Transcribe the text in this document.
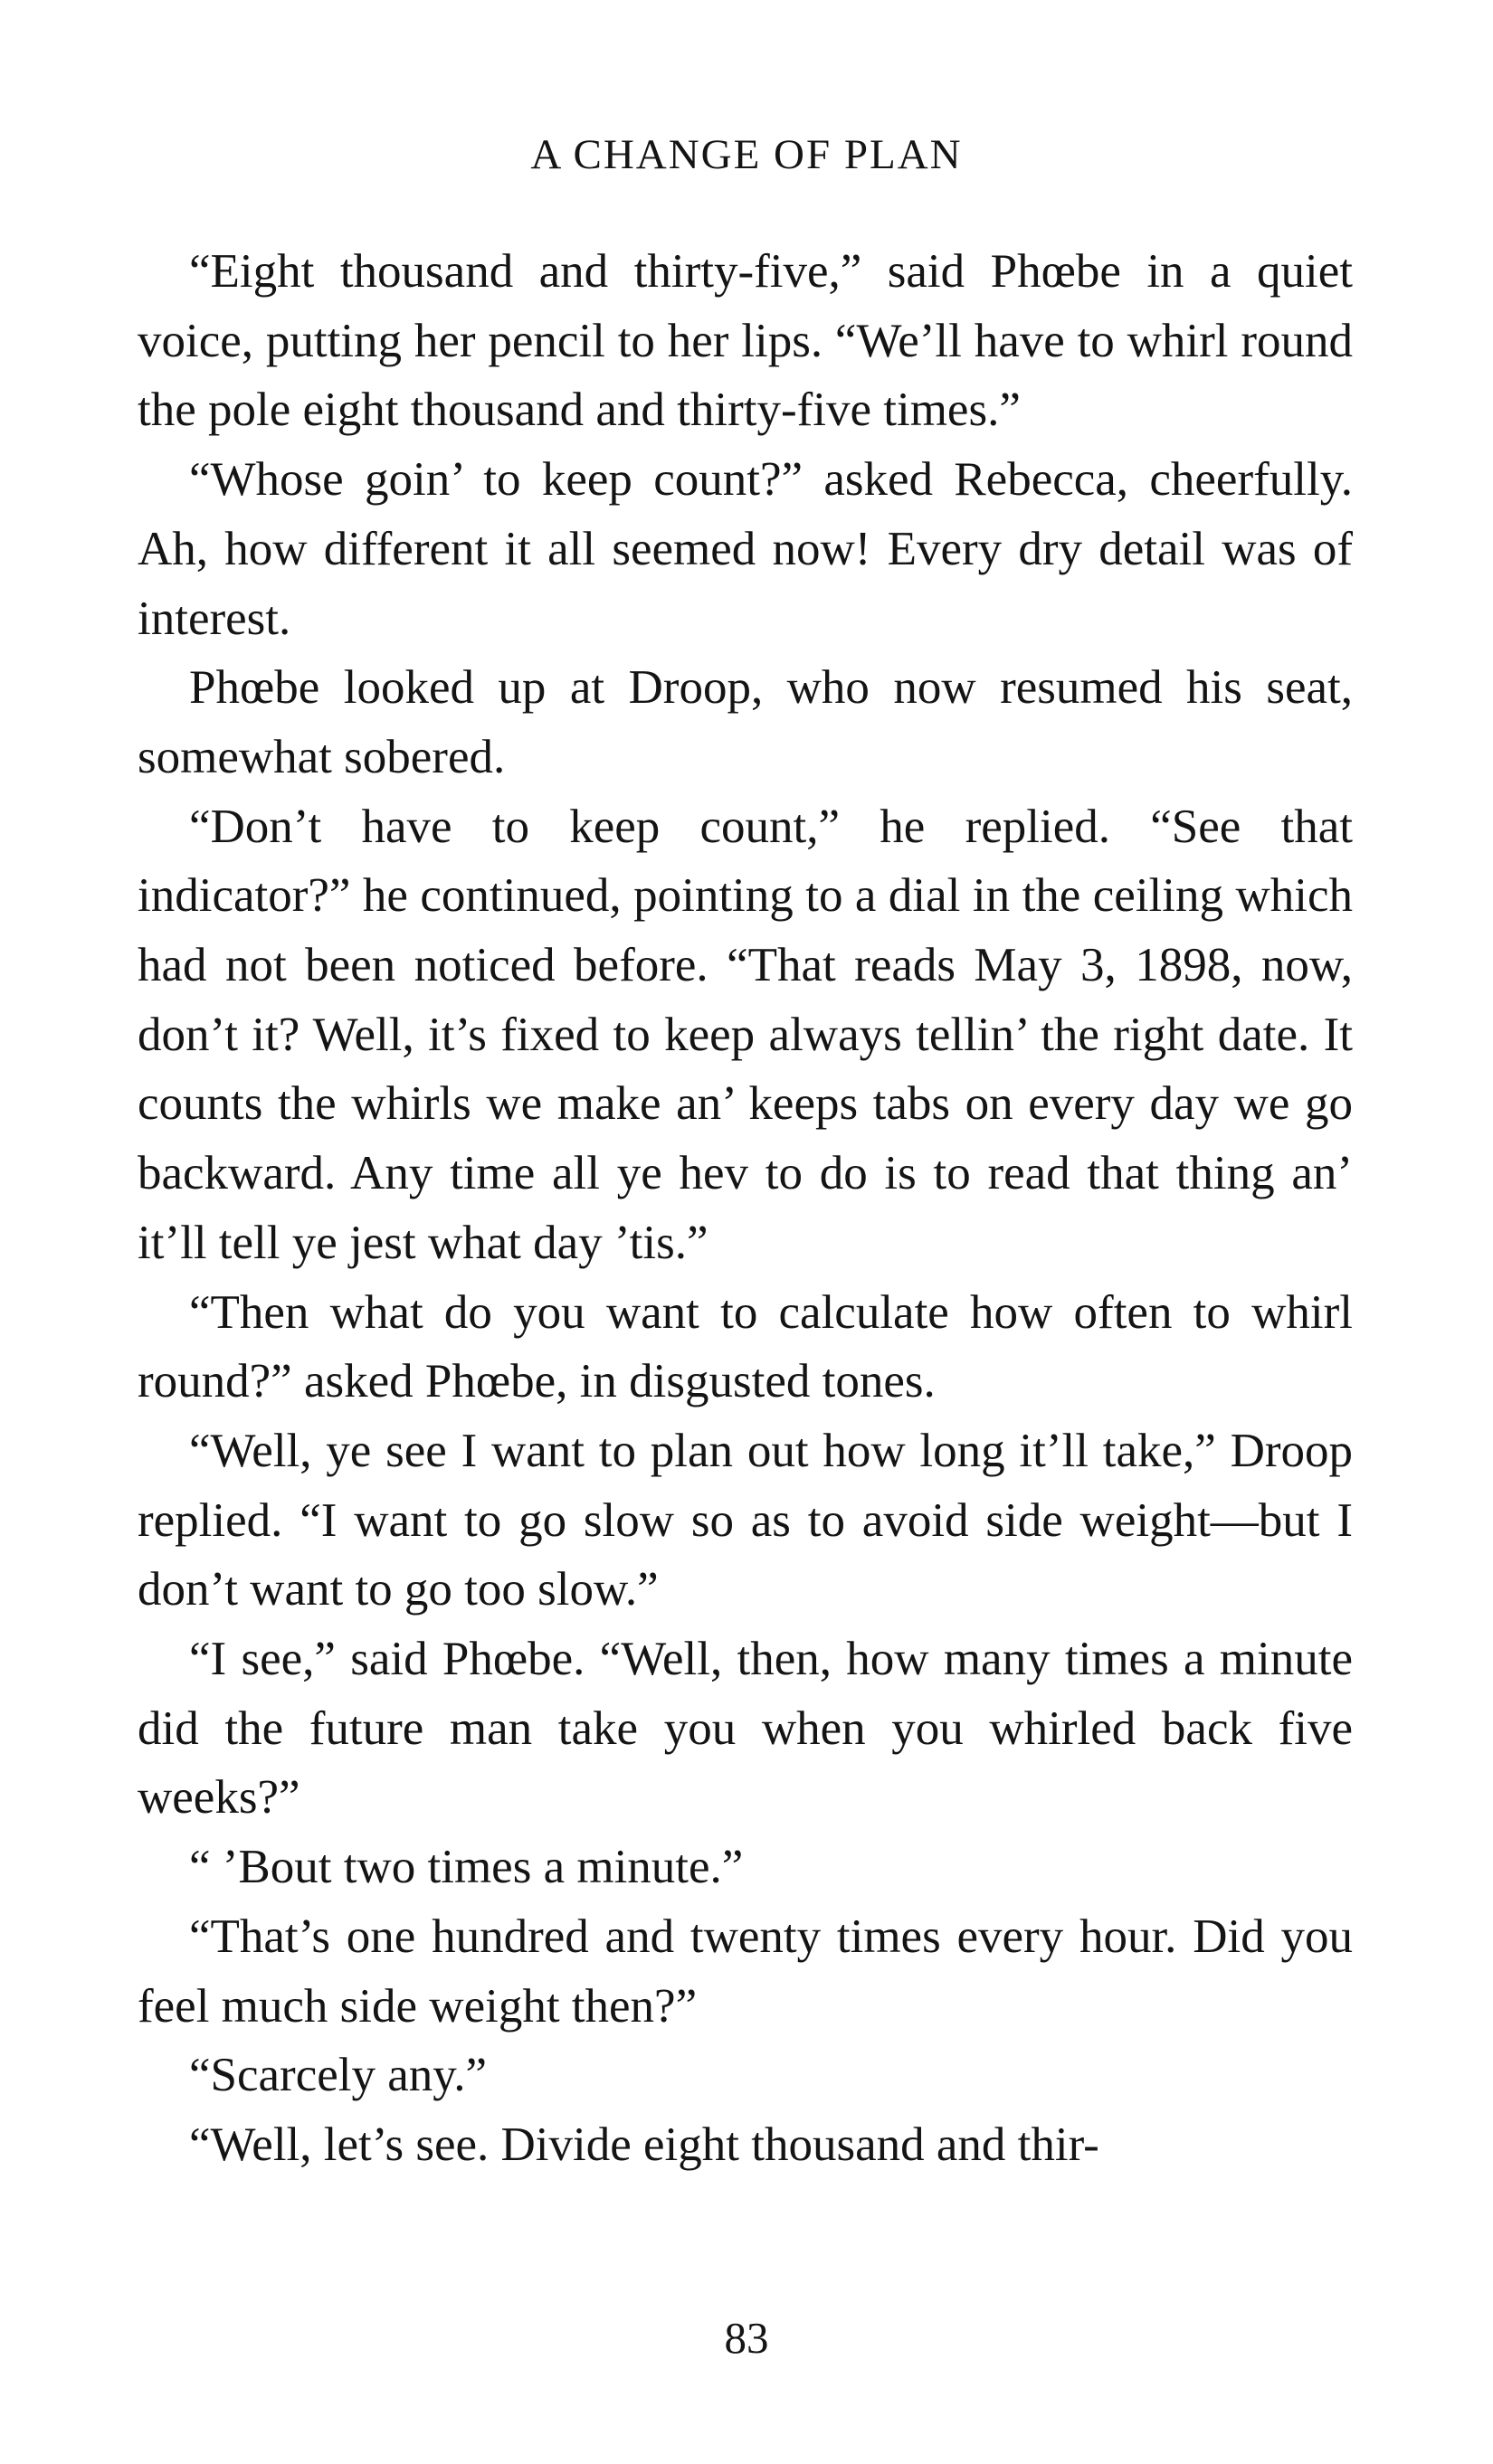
A CHANGE OF PLAN

“Eight thousand and thirty-five,” said Phœbe in a quiet voice, putting her pencil to her lips. “We’ll have to whirl round the pole eight thousand and thirty-five times.”

“Whose goin’ to keep count?” asked Rebecca, cheerfully. Ah, how different it all seemed now! Every dry detail was of interest.

Phœbe looked up at Droop, who now resumed his seat, somewhat sobered.

“Don’t have to keep count,” he replied. “See that indicator?” he continued, pointing to a dial in the ceiling which had not been noticed before. “That reads May 3, 1898, now, don’t it? Well, it’s fixed to keep always tellin’ the right date. It counts the whirls we make an’ keeps tabs on every day we go backward. Any time all ye hev to do is to read that thing an’ it’ll tell ye jest what day ’tis.”

“Then what do you want to calculate how often to whirl round?” asked Phœbe, in disgusted tones.

“Well, ye see I want to plan out how long it’ll take,” Droop replied. “I want to go slow so as to avoid side weight—but I don’t want to go too slow.”

“I see,” said Phœbe. “Well, then, how many times a minute did the future man take you when you whirled back five weeks?”

“ ’Bout two times a minute.”

“That’s one hundred and twenty times every hour. Did you feel much side weight then?”

“Scarcely any.”

“Well, let’s see. Divide eight thousand and thir-

83
